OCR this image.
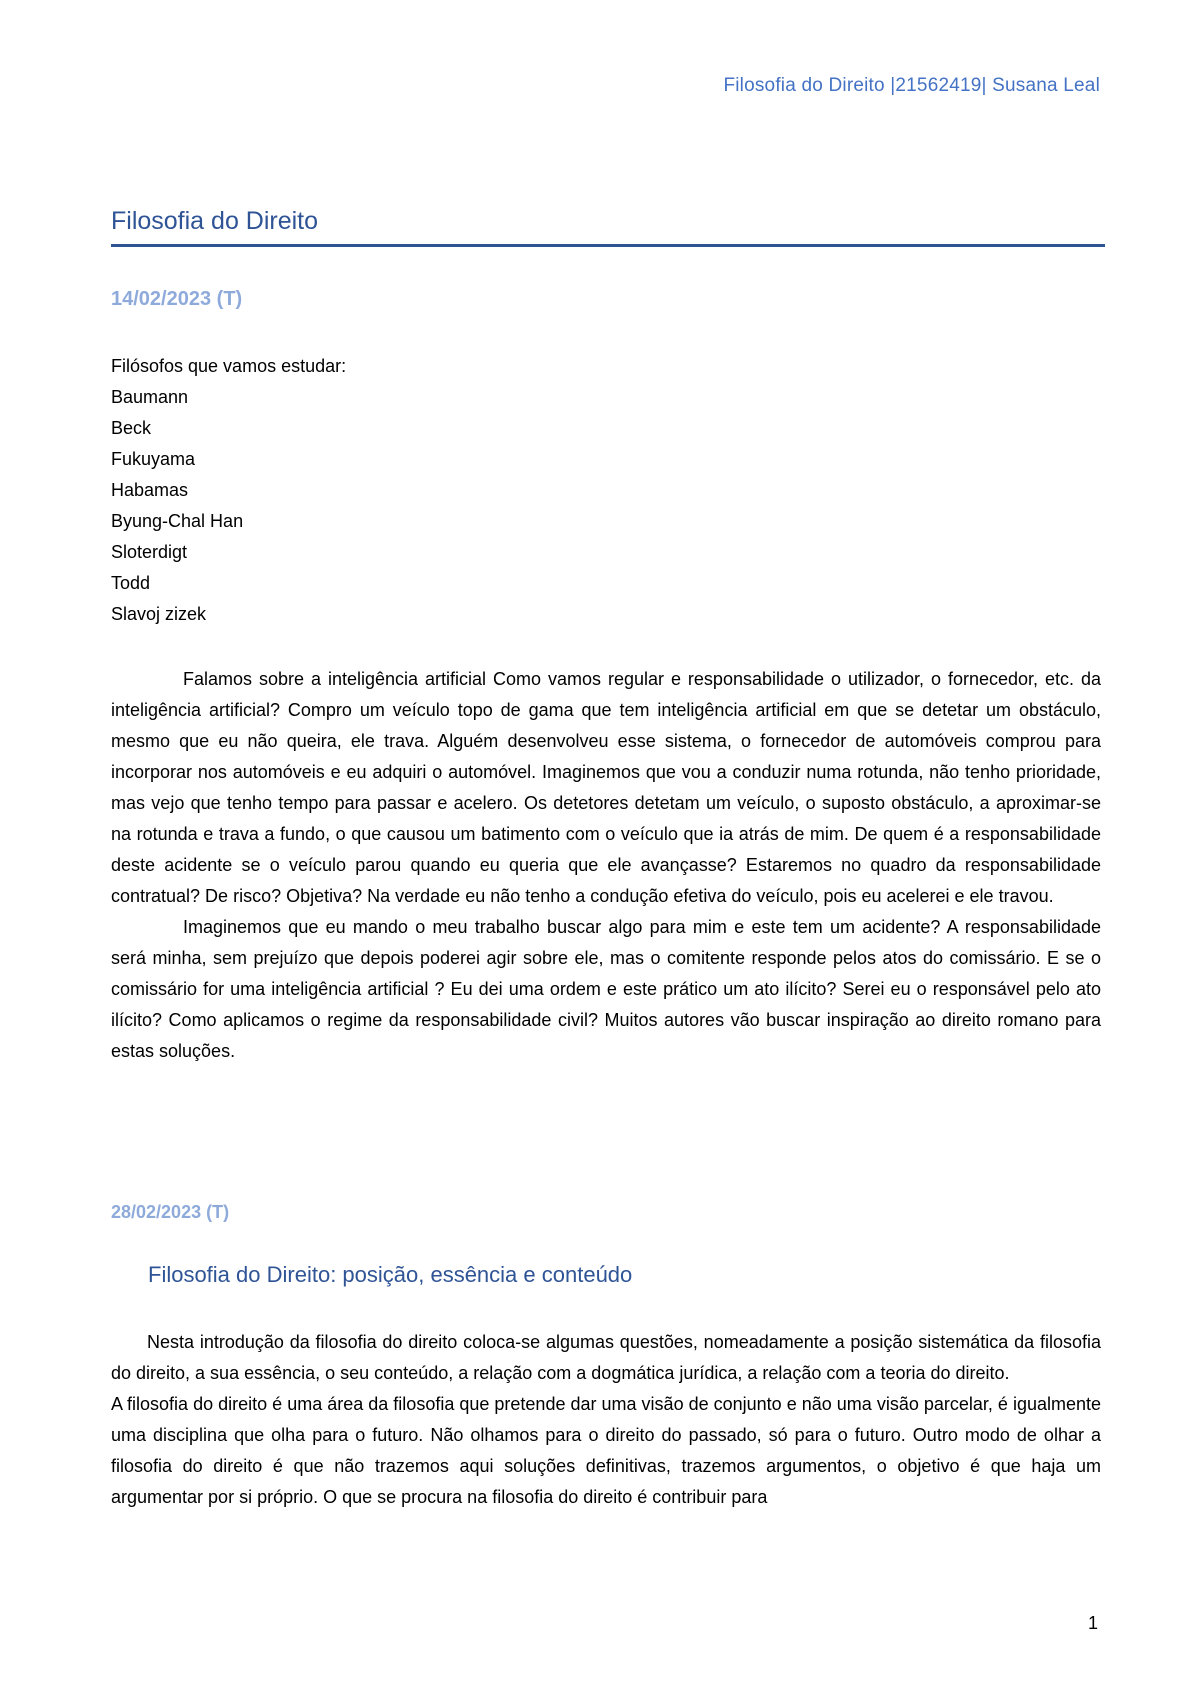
Filosofia do Direito |21562419| Susana Leal
Filosofia do Direito
14/02/2023 (T)
Filósofos que vamos estudar:
Baumann
Beck
Fukuyama
Habamas
Byung-Chal Han
Sloterdigt
Todd
Slavoj zizek
Falamos sobre a inteligência artificial Como vamos regular e responsabilidade o utilizador, o fornecedor, etc. da inteligência artificial? Compro um veículo topo de gama que tem inteligência artificial em que se detetar um obstáculo, mesmo que eu não queira, ele trava. Alguém desenvolveu esse sistema, o fornecedor de automóveis comprou para incorporar nos automóveis e eu adquiri o automóvel. Imaginemos que vou a conduzir numa rotunda, não tenho prioridade, mas vejo que tenho tempo para passar e acelero. Os detetores detetam um veículo, o suposto obstáculo, a aproximar-se na rotunda e trava a fundo, o que causou um batimento com o veículo que ia atrás de mim. De quem é a responsabilidade deste acidente se o veículo parou quando eu queria que ele avançasse? Estaremos no quadro da responsabilidade contratual? De risco? Objetiva? Na verdade eu não tenho a condução efetiva do veículo, pois eu acelerei e ele travou.
Imaginemos que eu mando o meu trabalho buscar algo para mim e este tem um acidente? A responsabilidade será minha, sem prejuízo que depois poderei agir sobre ele, mas o comitente responde pelos atos do comissário. E se o comissário for uma inteligência artificial ? Eu dei uma ordem e este prático um ato ilícito? Serei eu o responsável pelo ato ilícito? Como aplicamos o regime da responsabilidade civil? Muitos autores vão buscar inspiração ao direito romano para estas soluções.
28/02/2023 (T)
Filosofia do Direito: posição, essência e conteúdo
Nesta introdução da filosofia do direito coloca-se algumas questões, nomeadamente a posição sistemática da filosofia do direito, a sua essência, o seu conteúdo, a relação com a dogmática jurídica, a relação com a teoria do direito.
A filosofia do direito é uma área da filosofia que pretende dar uma visão de conjunto e não uma visão parcelar, é igualmente uma disciplina que olha para o futuro. Não olhamos para o direito do passado, só para o futuro. Outro modo de olhar a filosofia do direito é que não trazemos aqui soluções definitivas, trazemos argumentos, o objetivo é que haja um argumentar por si próprio. O que se procura na filosofia do direito é contribuir para
1
